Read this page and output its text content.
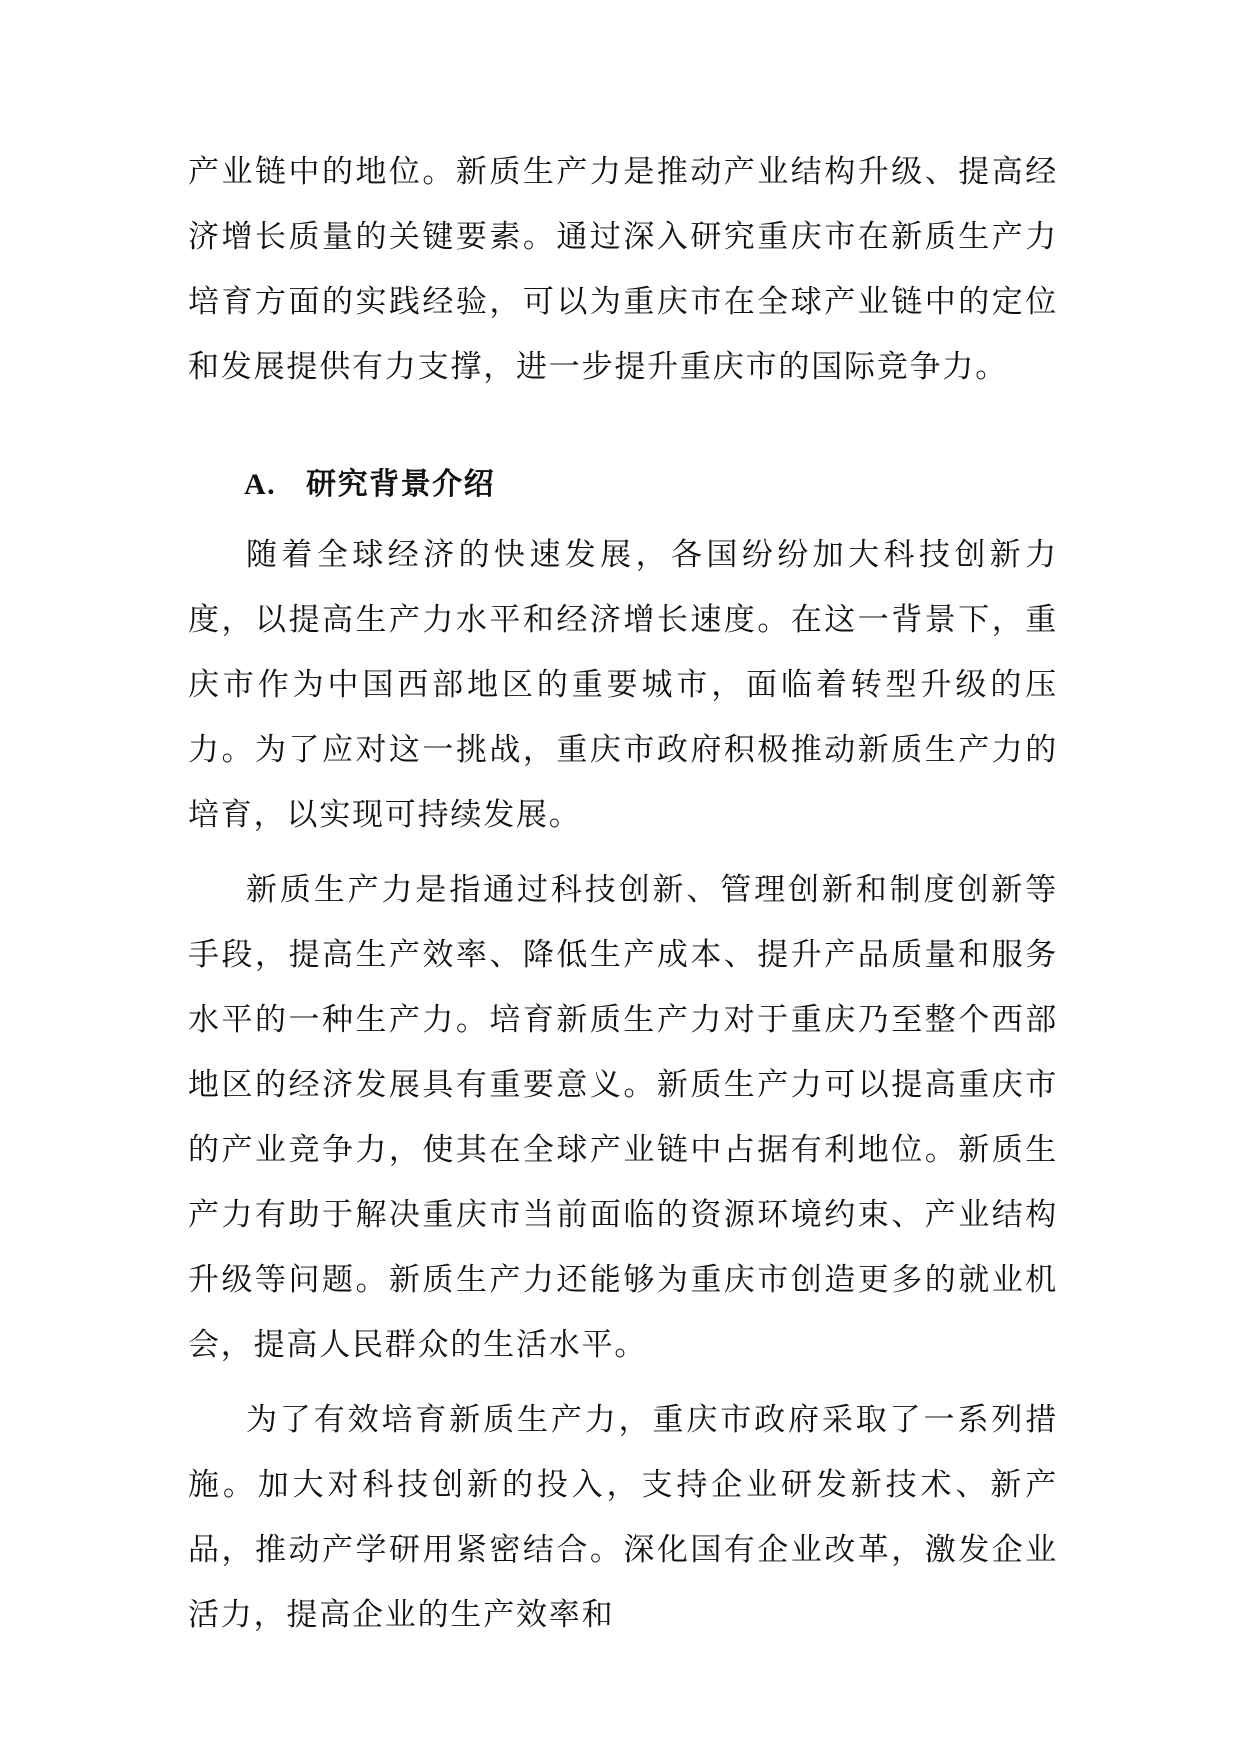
产业链中的地位。新质生产力是推动产业结构升级、提高经济增长质量的关键要素。通过深入研究重庆市在新质生产力培育方面的实践经验，可以为重庆市在全球产业链中的定位和发展提供有力支撑，进一步提升重庆市的国际竞争力。

A. 研究背景介绍

随着全球经济的快速发展，各国纷纷加大科技创新力度，以提高生产力水平和经济增长速度。在这一背景下，重庆市作为中国西部地区的重要城市，面临着转型升级的压力。为了应对这一挑战，重庆市政府积极推动新质生产力的培育，以实现可持续发展。

新质生产力是指通过科技创新、管理创新和制度创新等手段，提高生产效率、降低生产成本、提升产品质量和服务水平的一种生产力。培育新质生产力对于重庆乃至整个西部地区的经济发展具有重要意义。新质生产力可以提高重庆市的产业竞争力，使其在全球产业链中占据有利地位。新质生产力有助于解决重庆市当前面临的资源环境约束、产业结构升级等问题。新质生产力还能够为重庆市创造更多的就业机会，提高人民群众的生活水平。

为了有效培育新质生产力，重庆市政府采取了一系列措施。加大对科技创新的投入，支持企业研发新技术、新产品，推动产学研用紧密结合。深化国有企业改革，激发企业活力，提高企业的生产效率和
